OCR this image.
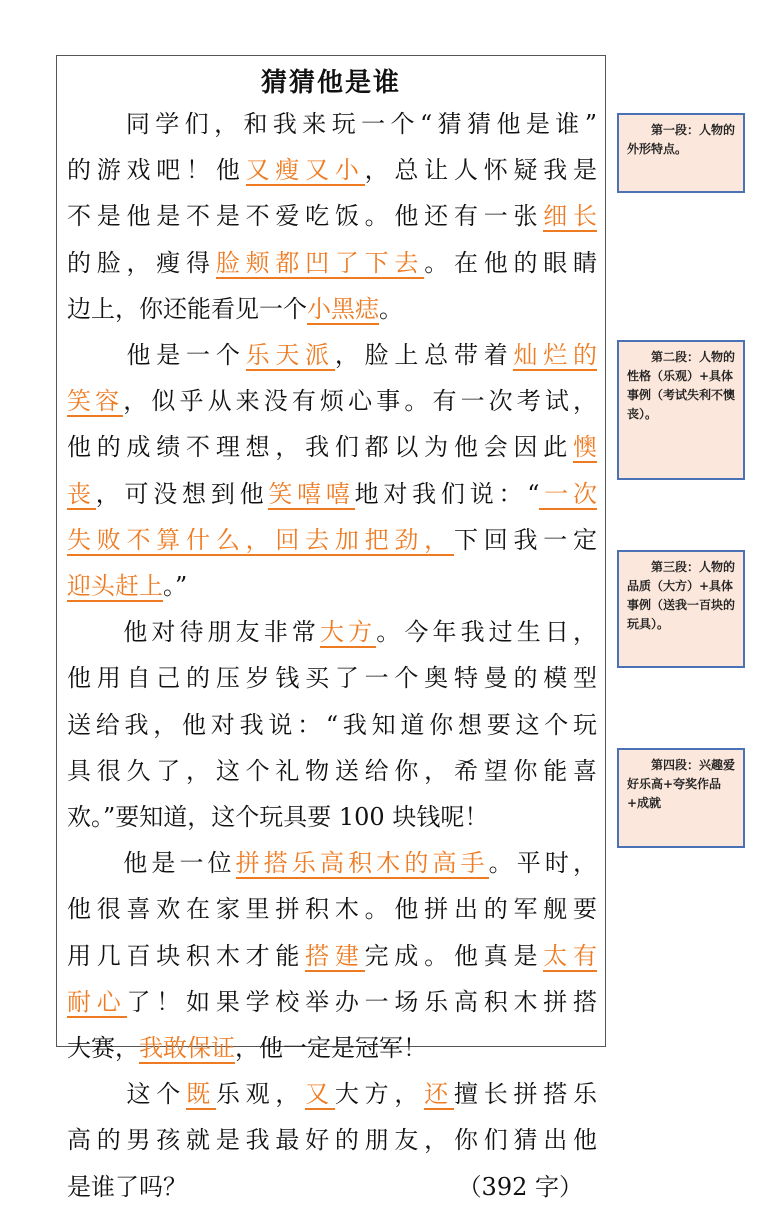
猜猜他是谁
　　同学们，和我来玩一个“猜猜他是谁”
的游戏吧！他又瘦又小，总让人怀疑我是
不是他是不是不爱吃饭。他还有一张细长
的脸，瘦得脸颊都凹了下去。在他的眼睛
边上，你还能看见一个小黑痣。
　　他是一个乐天派，脸上总带着灿烂的
笑容，似乎从来没有烦心事。有一次考试，
他的成绩不理想，我们都以为他会因此懊
丧，可没想到他笑嘻嘻地对我们说：“一次
失败不算什么，回去加把劲，下回我一定
迎头赶上。”
　　他对待朋友非常大方。今年我过生日，
他用自己的压岁钱买了一个奥特曼的模型
送给我，他对我说：“我知道你想要这个玩
具很久了，这个礼物送给你，希望你能喜
欢。”要知道，这个玩具要 100 块钱呢！
　　他是一位拼搭乐高积木的高手。平时，
他很喜欢在家里拼积木。他拼出的军舰要
用几百块积木才能搭建完成。他真是太有
耐心了！如果学校举办一场乐高积木拼搭
大赛，我敢保证，他一定是冠军！
　　这个既乐观，又大方，还擅长拼搭乐
高的男孩就是我最好的朋友，你们猜出他
是谁了吗？	（392 字）
第一段：人物的外形特点。
第二段：人物的性格（乐观）+具体事例（考试失利不懊丧）。
第三段：人物的品质（大方）+具体事例（送我一百块的玩具）。
第四段：兴趣爱好乐高+夸奖作品+成就
